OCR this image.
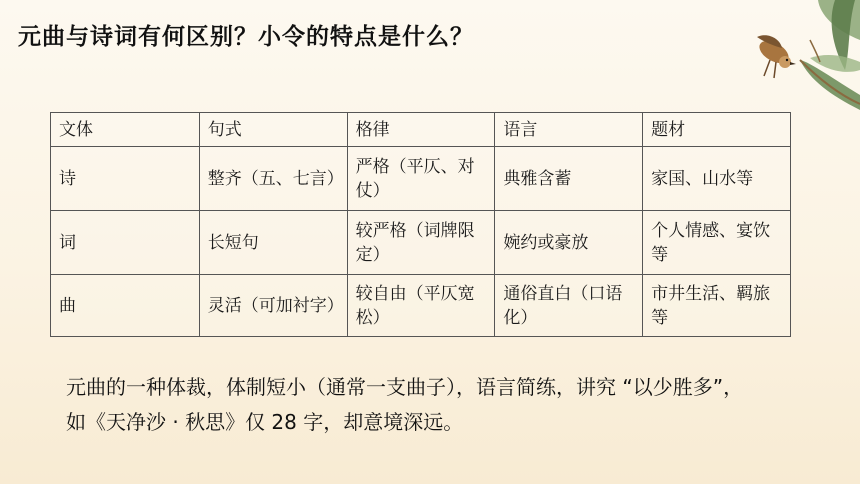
元曲与诗词有何区别？小令的特点是什么？
文体	句式	格律	语言	题材
诗	整齐（五、七言）	严格（平仄、对仗）	典雅含蓄	家国、山水等
词	长短句	较严格（词牌限定）	婉约或豪放	个人情感、宴饮等
曲	灵活（可加衬字）	较自由（平仄宽松）	通俗直白（口语化）	市井生活、羁旅等
元曲的一种体裁，体制短小（通常一支曲子），语言简练，讲究 “以少胜多”，如《天净沙 · 秋思》仅 28 字，却意境深远。
